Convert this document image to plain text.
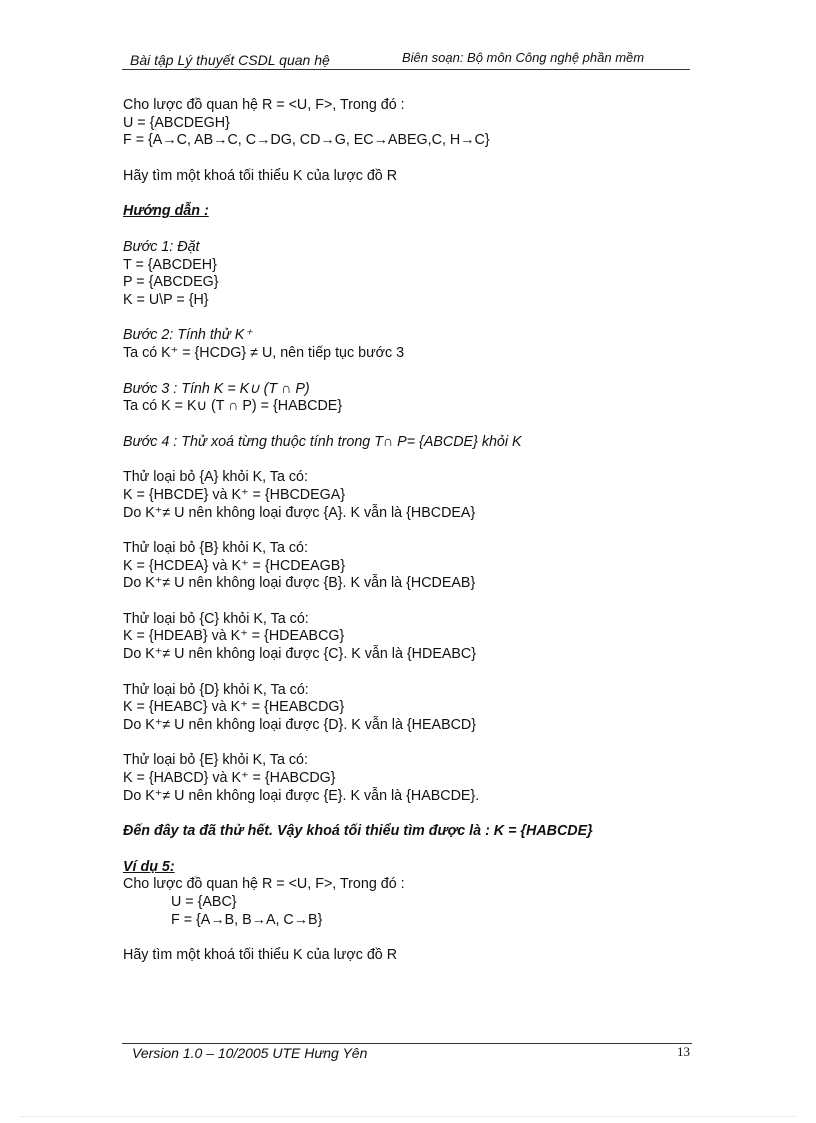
Bài tập Lý thuyết CSDL quan hệ	Biên soạn: Bộ môn Công nghệ phần mềm
Cho lược đồ quan hệ R = <U, F>, Trong đó :
U = {ABCDEGH}
F = {A→C, AB→C, C→DG, CD→G, EC→ABEG,C, H→C}
Hãy tìm một khoá tối thiểu K của lược đồ R
Hướng dẫn :
Bước 1: Đặt
T = {ABCDEH}
P = {ABCDEG}
K = U\P = {H}
Bước 2: Tính thử K⁺
Ta có K⁺ = {HCDG} ≠ U, nên tiếp tục bước 3
Bước 3 : Tính K = K∪ (T ∩ P)
Ta có K = K∪ (T ∩ P) = {HABCDE}
Bước 4 : Thử xoá từng thuộc tính trong T∩ P= {ABCDE} khỏi K
Thử loại bỏ {A} khỏi K, Ta có:
K = {HBCDE} và K⁺ = {HBCDEGA}
Do K⁺≠ U nên không loại được {A}. K vẫn là {HBCDEA}
Thử loại bỏ {B} khỏi K, Ta có:
K = {HCDEA} và K⁺ = {HCDEAGB}
Do K⁺≠ U nên không loại được {B}. K vẫn là {HCDEAB}
Thử loại bỏ {C} khỏi K, Ta có:
K = {HDEAB} và K⁺ = {HDEABCG}
Do K⁺≠ U nên không loại được {C}. K vẫn là {HDEABC}
Thử loại bỏ {D} khỏi K, Ta có:
K = {HEABC} và K⁺ = {HEABCDG}
Do K⁺≠ U nên không loại được {D}. K vẫn là {HEABCD}
Thử loại bỏ {E} khỏi K, Ta có:
K = {HABCD} và K⁺ = {HABCDG}
Do K⁺≠ U nên không loại được {E}. K vẫn là {HABCDE}.
Đến đây ta đã thử hết. Vậy khoá tối thiểu tìm được là : K = {HABCDE}
Ví dụ 5:
Cho lược đồ quan hệ R = <U, F>, Trong đó :
U = {ABC}
F = {A→B, B→A, C→B}
Hãy tìm một khoá tối thiểu K của lược đồ R
Version 1.0 – 10/2005 UTE Hưng Yên	13
